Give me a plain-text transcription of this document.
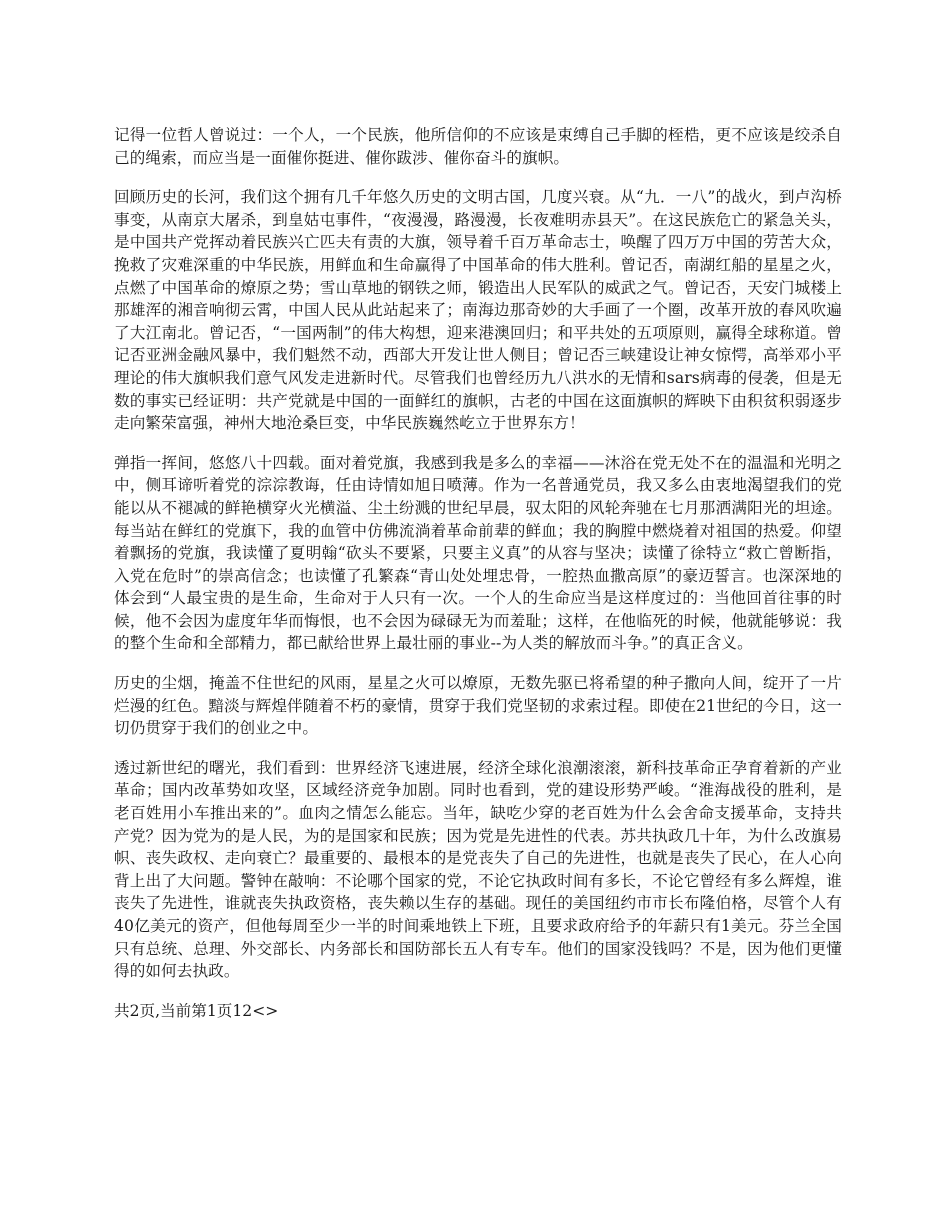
记得一位哲人曾说过：一个人，一个民族，他所信仰的不应该是束缚自己手脚的桎梏，更不应该是绞杀自己的绳索，而应当是一面催你挺进、催你跋涉、催你奋斗的旗帜。

回顾历史的长河，我们这个拥有几千年悠久历史的文明古国，几度兴衰。从“九．一八”的战火，到卢沟桥事变，从南京大屠杀，到皇姑屯事件，“夜漫漫，路漫漫，长夜难明赤县天”。在这民族危亡的紧急关头，是中国共产党挥动着民族兴亡匹夫有责的大旗，领导着千百万革命志士，唤醒了四万万中国的劳苦大众，挽救了灾难深重的中华民族，用鲜血和生命赢得了中国革命的伟大胜利。曾记否，南湖红船的星星之火，点燃了中国革命的燎原之势；雪山草地的钢铁之师，锻造出人民军队的威武之气。曾记否，天安门城楼上那雄浑的湘音响彻云霄，中国人民从此站起来了；南海边那奇妙的大手画了一个圈，改革开放的春风吹遍了大江南北。曾记否，“一国两制”的伟大构想，迎来港澳回归；和平共处的五项原则，赢得全球称道。曾记否亚洲金融风暴中，我们魁然不动，西部大开发让世人侧目；曾记否三峡建设让神女惊愕，高举邓小平理论的伟大旗帜我们意气风发走进新时代。尽管我们也曾经历九八洪水的无情和sars病毒的侵袭，但是无数的事实已经证明：共产党就是中国的一面鲜红的旗帜，古老的中国在这面旗帜的辉映下由积贫积弱逐步走向繁荣富强，神州大地沧桑巨变，中华民族巍然屹立于世界东方！

弹指一挥间，悠悠八十四载。面对着党旗，我感到我是多么的幸福——沐浴在党无处不在的温温和光明之中，侧耳谛听着党的淙淙教诲，任由诗情如旭日喷薄。作为一名普通党员，我又多么由衷地渴望我们的党能以从不褪减的鲜艳横穿火光横溢、尘土纷溅的世纪早晨，驭太阳的风轮奔驰在七月那洒满阳光的坦途。每当站在鲜红的党旗下，我的血管中仿佛流淌着革命前辈的鲜血；我的胸膛中燃烧着对祖国的热爱。仰望着飘扬的党旗，我读懂了夏明翰“砍头不要紧，只要主义真”的从容与坚决；读懂了徐特立“救亡曾断指，入党在危时”的崇高信念；也读懂了孔繁森“青山处处埋忠骨，一腔热血撒高原”的豪迈誓言。也深深地的体会到“人最宝贵的是生命，生命对于人只有一次。一个人的生命应当是这样度过的：当他回首往事的时候，他不会因为虚度年华而悔恨，也不会因为碌碌无为而羞耻；这样，在他临死的时候，他就能够说：我的整个生命和全部精力，都已献给世界上最壮丽的事业--为人类的解放而斗争。”的真正含义。

历史的尘烟，掩盖不住世纪的风雨，星星之火可以燎原，无数先驱已将希望的种子撒向人间，绽开了一片烂漫的红色。黯淡与辉煌伴随着不朽的豪情，贯穿于我们党坚韧的求索过程。即使在21世纪的今日，这一切仍贯穿于我们的创业之中。

透过新世纪的曙光，我们看到：世界经济飞速进展，经济全球化浪潮滚滚，新科技革命正孕育着新的产业革命；国内改革势如攻坚，区域经济竞争加剧。同时也看到，党的建设形势严峻。“淮海战役的胜利，是老百姓用小车推出来的”。血肉之情怎么能忘。当年，缺吃少穿的老百姓为什么会舍命支援革命，支持共产党？因为党为的是人民，为的是国家和民族；因为党是先进性的代表。苏共执政几十年，为什么改旗易帜、丧失政权、走向衰亡？最重要的、最根本的是党丧失了自己的先进性，也就是丧失了民心，在人心向背上出了大问题。警钟在敲响：不论哪个国家的党，不论它执政时间有多长，不论它曾经有多么辉煌，谁丧失了先进性，谁就丧失执政资格，丧失赖以生存的基础。现任的美国纽约市市长布隆伯格，尽管个人有40亿美元的资产，但他每周至少一半的时间乘地铁上下班，且要求政府给予的年薪只有1美元。芬兰全国只有总统、总理、外交部长、内务部长和国防部长五人有专车。他们的国家没钱吗？不是，因为他们更懂得的如何去执政。

共2页,当前第1页12<>
